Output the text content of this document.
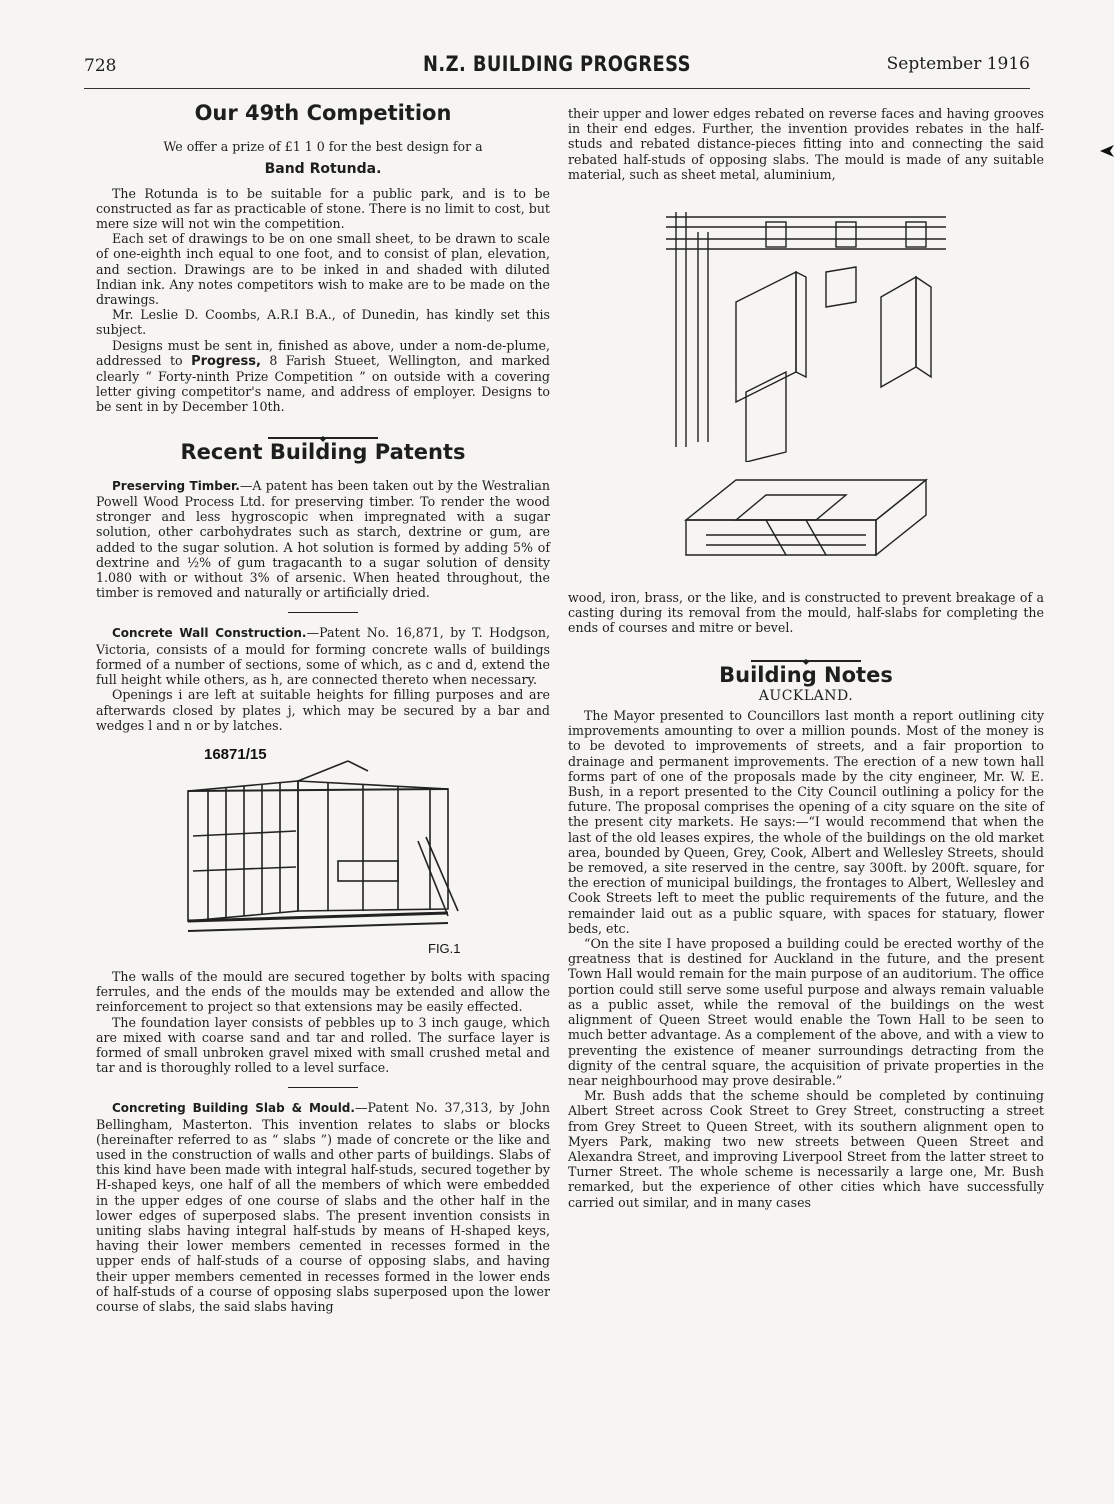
728	N.Z. BUILDING PROGRESS	September 1916
Our 49th Competition

We offer a prize of £1 1 0 for the best design for a

Band Rotunda.

The Rotunda is to be suitable for a public park, and is to be constructed as far as practicable of stone. There is no limit to cost, but mere size will not win the competition.

Each set of drawings to be on one small sheet, to be drawn to scale of one-eighth inch equal to one foot, and to consist of plan, elevation, and section. Drawings are to be inked in and shaded with diluted Indian ink. Any notes competitors wish to make are to be made on the drawings.

Mr. Leslie D. Coombs, A.R.I B.A., of Dunedin, has kindly set this subject.

Designs must be sent in, finished as above, under a nom-de-plume, addressed to Progress, 8 Farish Stueet, Wellington, and marked clearly “ Forty-ninth Prize Competition ” on outside with a covering letter giving competitor's name, and address of employer. Designs to be sent in by December 10th.

◆
Recent Building Patents

Preserving Timber.—A patent has been taken out by the Westralian Powell Wood Process Ltd. for preserving timber. To render the wood stronger and less hygroscopic when impregnated with a sugar solution, other carbohydrates such as starch, dextrine or gum, are added to the sugar solution. A hot solution is formed by adding 5% of dextrine and ½% of gum tragacanth to a sugar solution of density 1.080 with or without 3% of arsenic. When heated throughout, the timber is removed and naturally or artificially dried.

Concrete Wall Construction.—Patent No. 16,871, by T. Hodgson, Victoria, consists of a mould for forming concrete walls of buildings formed of a number of sections, some of which, as c and d, extend the full height while others, as h, are connected thereto when necessary.

Openings i are left at suitable heights for filling purposes and are afterwards closed by plates j, which may be secured by a bar and wedges l and n or by latches.

16871/15
FIG.1

The walls of the mould are secured together by bolts with spacing ferrules, and the ends of the moulds may be extended and allow the reinforcement to project so that extensions may be easily effected.

The foundation layer consists of pebbles up to 3 inch gauge, which are mixed with coarse sand and tar and rolled. The surface layer is formed of small unbroken gravel mixed with small crushed metal and tar and is thoroughly rolled to a level surface.

Concreting Building Slab & Mould.—Patent No. 37,313, by John Bellingham, Masterton. This invention relates to slabs or blocks (hereinafter referred to as “ slabs ”) made of concrete or the like and used in the construction of walls and other parts of buildings. Slabs of this kind have been made with integral half-studs, secured together by H-shaped keys, one half of all the members of which were embedded in the upper edges of one course of slabs and the other half in the lower edges of superposed slabs. The present invention consists in uniting slabs having integral half-studs by means of H-shaped keys, having their lower members cemented in recesses formed in the upper ends of half-studs of a course of opposing slabs, and having their upper members cemented in recesses formed in the lower ends of half-studs of a course of opposing slabs superposed upon the lower course of slabs, the said slabs having

their upper and lower edges rebated on reverse faces and having grooves in their end edges. Further, the invention provides rebates in the half-studs and rebated distance-pieces fitting into and connecting the said rebated half-studs of opposing slabs. The mould is made of any suitable material, such as sheet metal, aluminium,

wood, iron, brass, or the like, and is constructed to prevent breakage of a casting during its removal from the mould, half-slabs for completing the ends of courses and mitre or bevel.

◆
Building Notes
AUCKLAND.

The Mayor presented to Councillors last month a report outlining city improvements amounting to over a million pounds. Most of the money is to be devoted to improvements of streets, and a fair proportion to drainage and permanent improvements. The erection of a new town hall forms part of one of the proposals made by the city engineer, Mr. W. E. Bush, in a report presented to the City Council outlining a policy for the future. The proposal comprises the opening of a city square on the site of the present city markets. He says:—“I would recommend that when the last of the old leases expires, the whole of the buildings on the old market area, bounded by Queen, Grey, Cook, Albert and Wellesley Streets, should be removed, a site reserved in the centre, say 300ft. by 200ft. square, for the erection of municipal buildings, the frontages to Albert, Wellesley and Cook Streets left to meet the public requirements of the future, and the remainder laid out as a public square, with spaces for statuary, flower beds, etc.

“On the site I have proposed a building could be erected worthy of the greatness that is destined for Auckland in the future, and the present Town Hall would remain for the main purpose of an auditorium. The office portion could still serve some useful purpose and always remain valuable as a public asset, while the removal of the buildings on the west alignment of Queen Street would enable the Town Hall to be seen to much better advantage. As a complement of the above, and with a view to preventing the existence of meaner surroundings detracting from the dignity of the central square, the acquisition of private properties in the near neighbourhood may prove desirable.”

Mr. Bush adds that the scheme should be completed by continuing Albert Street across Cook Street to Grey Street, constructing a street from Grey Street to Queen Street, with its southern alignment open to Myers Park, making two new streets between Queen Street and Alexandra Street, and improving Liverpool Street from the latter street to Turner Street. The whole scheme is necessarily a large one, Mr. Bush remarked, but the experience of other cities which have successfully carried out similar, and in many cases
